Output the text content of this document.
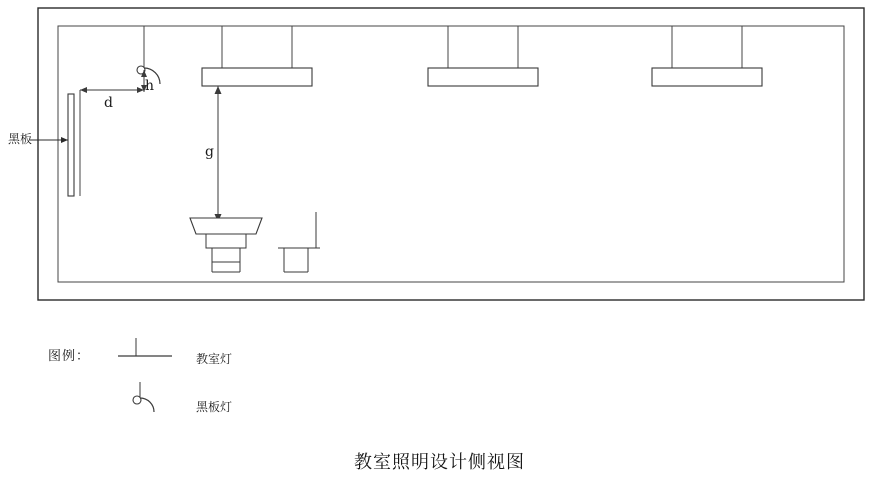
黑板
d
h
g
图例：	教室灯
黑板灯
教室照明设计侧视图
